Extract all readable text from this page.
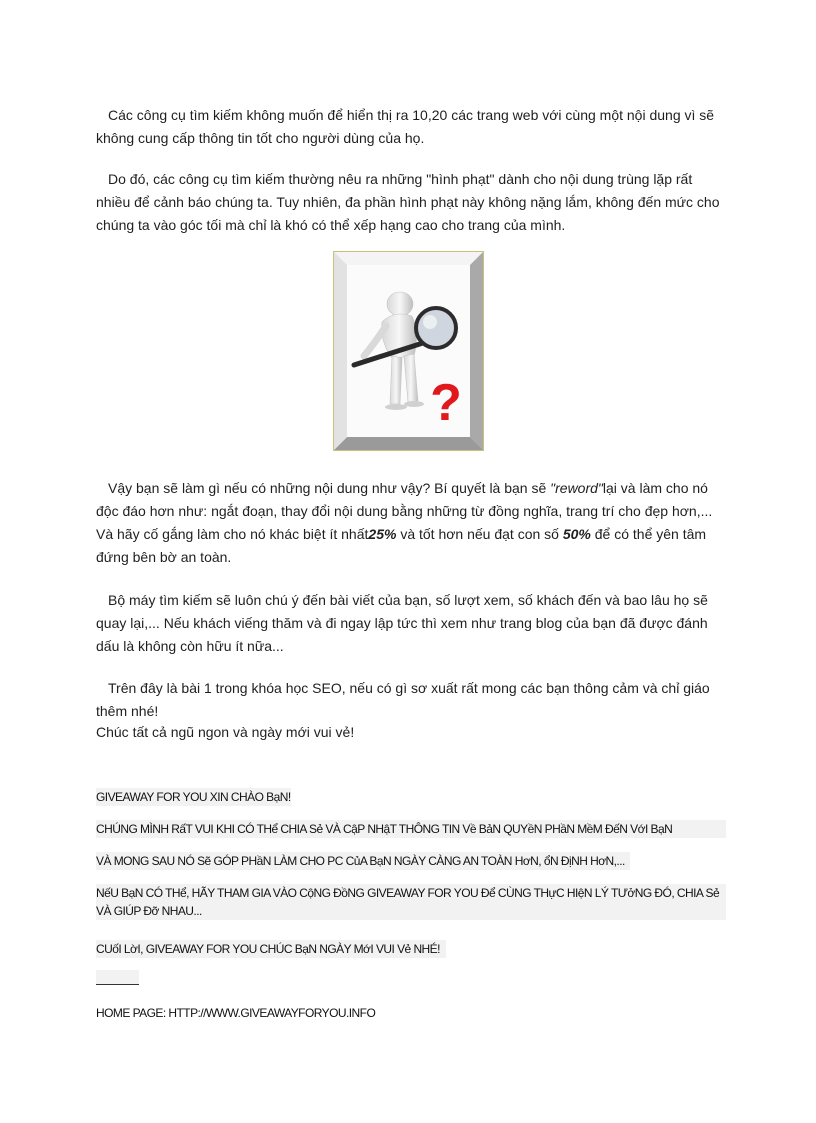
Các công cụ tìm kiếm không muốn để hiển thị ra 10,20 các trang web với cùng một nội dung vì sẽ không cung cấp thông tin tốt cho người dùng của họ.

Do đó, các công cụ tìm kiếm thường nêu ra những "hình phạt" dành cho nội dung trùng lặp rất nhiều để cảnh báo chúng ta. Tuy nhiên, đa phần hình phạt này không nặng lắm, không đến mức cho chúng ta vào góc tối mà chỉ là khó có thể xếp hạng cao cho trang của mình.

?

Vậy bạn sẽ làm gì nếu có những nội dung như vậy? Bí quyết là bạn sẽ "reword"lại và làm cho nó độc đáo hơn như: ngắt đoạn, thay đổi nội dung bằng những từ đồng nghĩa, trang trí cho đẹp hơn,... Và hãy cố gắng làm cho nó khác biệt ít nhất25% và tốt hơn nếu đạt con số 50% để có thể yên tâm đứng bên bờ an toàn.

Bộ máy tìm kiếm sẽ luôn chú ý đến bài viết của bạn, số lượt xem, số khách đến và bao lâu họ sẽ quay lại,... Nếu khách viếng thăm và đi ngay lập tức thì xem như trang blog của bạn đã được đánh dấu là không còn hữu ít nữa...

Trên đây là bài 1 trong khóa học SEO, nếu có gì sơ xuất rất mong các bạn thông cảm và chỉ giáo thêm nhé!

Chúc tất cả ngũ ngon và ngày mới vui vẻ!

GIVEAWAY FOR YOU XIN CHÀO BạN!

CHÚNG MÌNH RấT VUI KHI CÓ THể CHIA Sẻ VÀ CậP NHậT THÔNG TIN Về BảN QUYềN PHầN MềM ĐếN VớI BạN

VÀ MONG SAU NÓ Sẽ GÓP PHầN LÀM CHO PC CủA BạN NGÀY CÀNG AN TOÀN HơN, ổN ĐịNH HơN,...

NếU BạN CÓ THể, HÃY THAM GIA VÀO CộNG ĐồNG GIVEAWAY FOR YOU Để CÙNG THựC HIệN LÝ TƯởNG ĐÓ, CHIA Sẻ VÀ GIÚP Đỡ NHAU...

CUốI LờI, GIVEAWAY FOR YOU CHÚC BạN NGÀY MớI VUI Vẻ NHÉ!

HOME PAGE: HTTP://WWW.GIVEAWAYFORYOU.INFO
